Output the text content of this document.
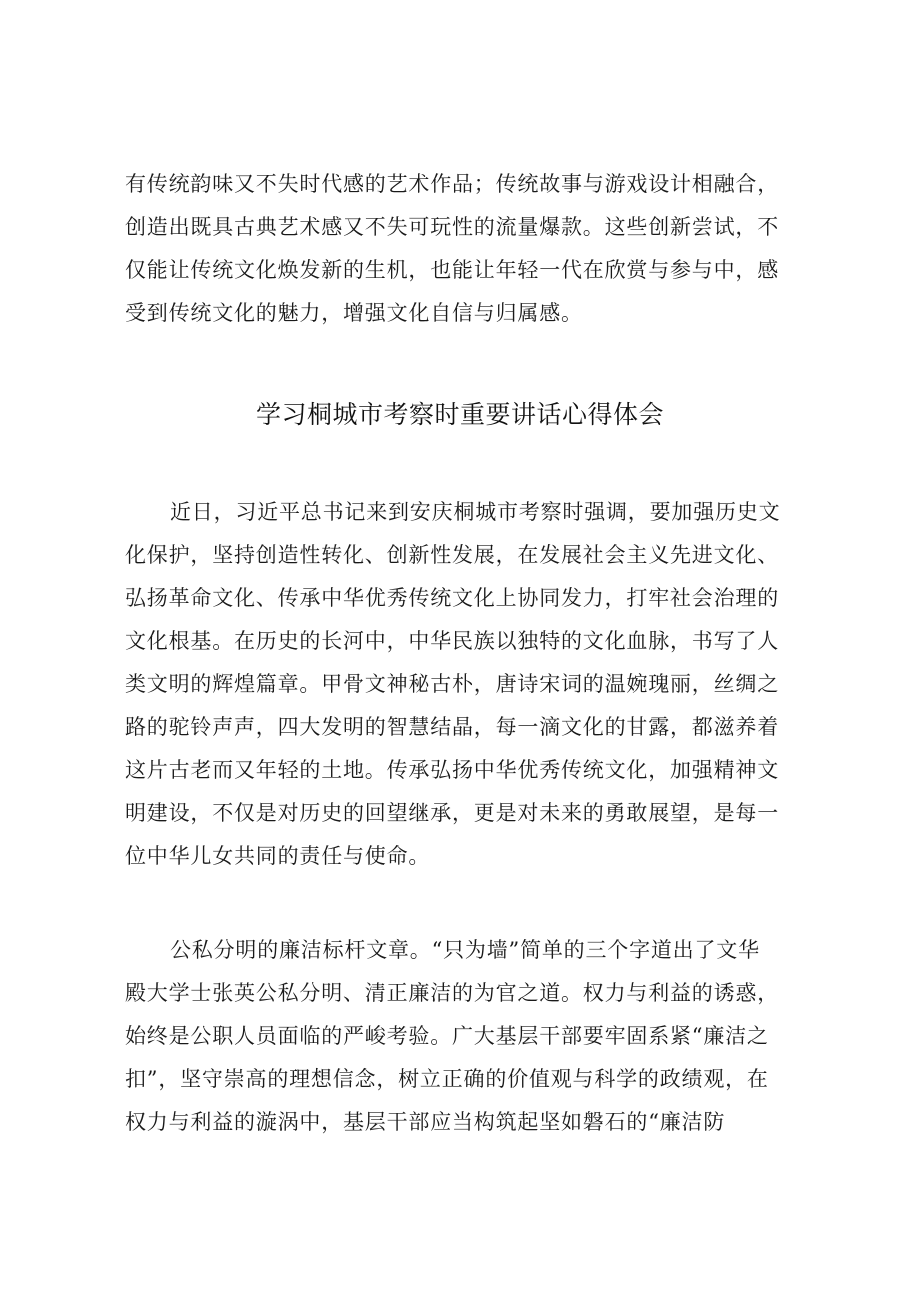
有传统韵味又不失时代感的艺术作品；传统故事与游戏设计相融合，
创造出既具古典艺术感又不失可玩性的流量爆款。这些创新尝试，不
仅能让传统文化焕发新的生机，也能让年轻一代在欣赏与参与中，感
受到传统文化的魅力，增强文化自信与归属感。
学习桐城市考察时重要讲话心得体会
近日，习近平总书记来到安庆桐城市考察时强调，要加强历史文
化保护，坚持创造性转化、创新性发展，在发展社会主义先进文化、
弘扬革命文化、传承中华优秀传统文化上协同发力，打牢社会治理的
文化根基。在历史的长河中，中华民族以独特的文化血脉，书写了人
类文明的辉煌篇章。甲骨文神秘古朴，唐诗宋词的温婉瑰丽，丝绸之
路的驼铃声声，四大发明的智慧结晶，每一滴文化的甘露，都滋养着
这片古老而又年轻的土地。传承弘扬中华优秀传统文化，加强精神文
明建设，不仅是对历史的回望继承，更是对未来的勇敢展望，是每一
位中华儿女共同的责任与使命。
公私分明的廉洁标杆文章。“只为墙”简单的三个字道出了文华
殿大学士张英公私分明、清正廉洁的为官之道。权力与利益的诱惑，
始终是公职人员面临的严峻考验。广大基层干部要牢固系紧“廉洁之
扣”，坚守崇高的理想信念，树立正确的价值观与科学的政绩观，在
权力与利益的漩涡中，基层干部应当构筑起坚如磐石的“廉洁防
